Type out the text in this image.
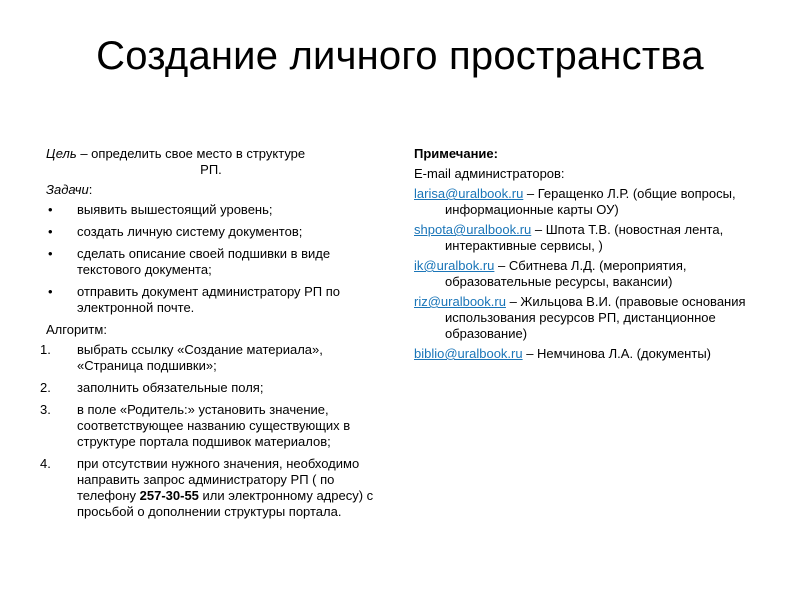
Создание личного пространства
Цель – определить свое место в структуре
РП.
Задачи:
• выявить вышестоящий уровень;
• создать личную систему документов;
• сделать описание своей подшивки в виде текстового документа;
• отправить документ администратору РП по электронной почте.
Алгоритм:
1. выбрать ссылку «Создание материала», «Страница подшивки»;
2. заполнить обязательные поля;
3. в поле «Родитель:» установить значение, соответствующее названию существующих в структуре портала подшивок материалов;
4. при отсутствии нужного значения, необходимо направить запрос администратору РП ( по телефону 257-30-55 или электронному адресу) с просьбой о дополнении структуры портала.
Примечание:
E-mail администраторов:
larisa@uralbook.ru – Геращенко Л.Р. (общие вопросы, информационные карты ОУ)
shpota@uralbook.ru – Шпота Т.В. (новостная лента, интерактивные сервисы, )
ik@uralbok.ru – Сбитнева Л.Д. (мероприятия, образовательные ресурсы, вакансии)
riz@uralbook.ru – Жильцова В.И. (правовые основания использования ресурсов РП, дистанционное образование)
biblio@uralbook.ru – Немчинова Л.А. (документы)
